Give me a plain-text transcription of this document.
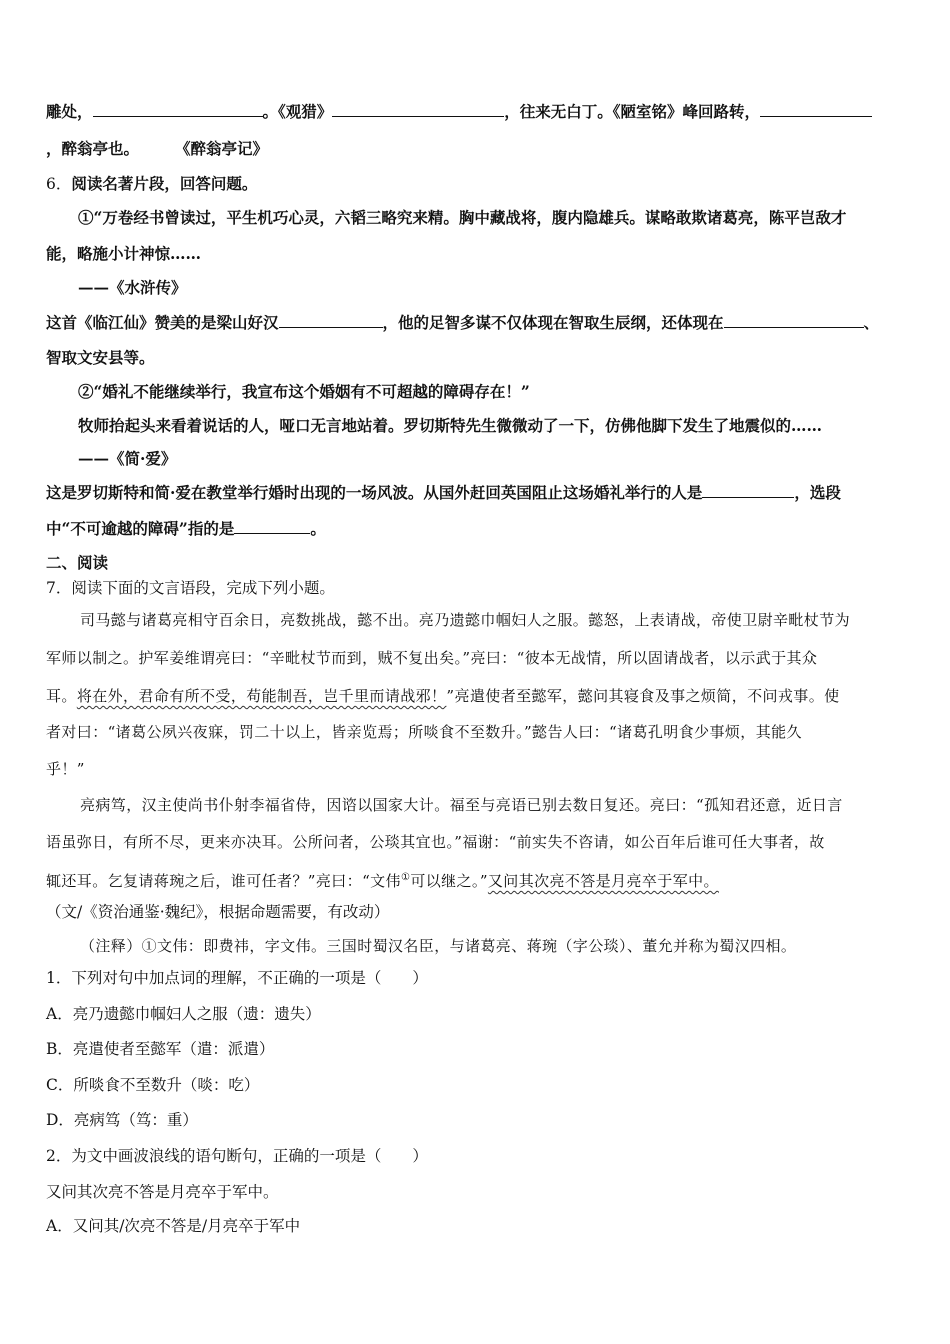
雕处，	。《观猎》	，往来无白丁。《陋室铭》峰回路转，
，醉翁亭也。 《醉翁亭记》
6．阅读名著片段，回答问题。
①“万卷经书曾读过，平生机巧心灵，六韬三略究来精。胸中藏战将，腹内隐雄兵。谋略敢欺诸葛亮，陈平岂敌才
能，略施小计神惊……
——《水浒传》
这首《临江仙》赞美的是梁山好汉	，他的足智多谋不仅体现在智取生辰纲，还体现在	、
智取文安县等。
②“婚礼不能继续举行，我宣布这个婚姻有不可超越的障碍存在！”
牧师抬起头来看着说话的人，哑口无言地站着。罗切斯特先生微微动了一下，仿佛他脚下发生了地震似的……
——《简·爱》
这是罗切斯特和简·爱在教堂举行婚时出现的一场风波。从国外赶回英国阻止这场婚礼举行的人是	，选段
中“不可逾越的障碍”指的是	。
二、阅读
7．阅读下面的文言语段，完成下列小题。
司马懿与诸葛亮相守百余日，亮数挑战，懿不出。亮乃遗懿巾帼妇人之服。懿怒，上表请战，帝使卫尉辛毗杖节为
军师以制之。护军姜维谓亮曰：“辛毗杖节而到，贼不复出矣。”亮曰：“彼本无战情，所以固请战者，以示武于其众
耳。将在外，君命有所不受，苟能制吾，岂千里而请战邪！”亮遣使者至懿军，懿问其寝食及事之烦简，不问戎事。使
者对曰：“诸葛公夙兴夜寐，罚二十以上，皆亲览焉；所啖食不至数升。”懿告人曰：“诸葛孔明食少事烦，其能久
乎！”
亮病笃，汉主使尚书仆射李福省侍，因谘以国家大计。福至与亮语已别去数日复还。亮曰：“孤知君还意，近日言
语虽弥日，有所不尽，更来亦决耳。公所问者，公琰其宜也。”福谢：“前实失不咨请，如公百年后谁可任大事者，故
辄还耳。乞复请蒋琬之后，谁可任者？”亮曰：“文伟①可以继之。”又问其次亮不答是月亮卒于军中。
（文/《资治通鉴·魏纪》，根据命题需要，有改动）
（注释）①文伟：即费祎，字文伟。三国时蜀汉名臣，与诸葛亮、蒋琬（字公琰）、董允并称为蜀汉四相。
1．下列对句中加点词的理解，不正确的一项是（　　）
A．亮乃遗懿巾帼妇人之服（遗：遗失）
B．亮遣使者至懿军（遣：派遣）
C．所啖食不至数升（啖：吃）
D．亮病笃（笃：重）
2．为文中画波浪线的语句断句，正确的一项是（　　）
又问其次亮不答是月亮卒于军中。
A．又问其/次亮不答是/月亮卒于军中
